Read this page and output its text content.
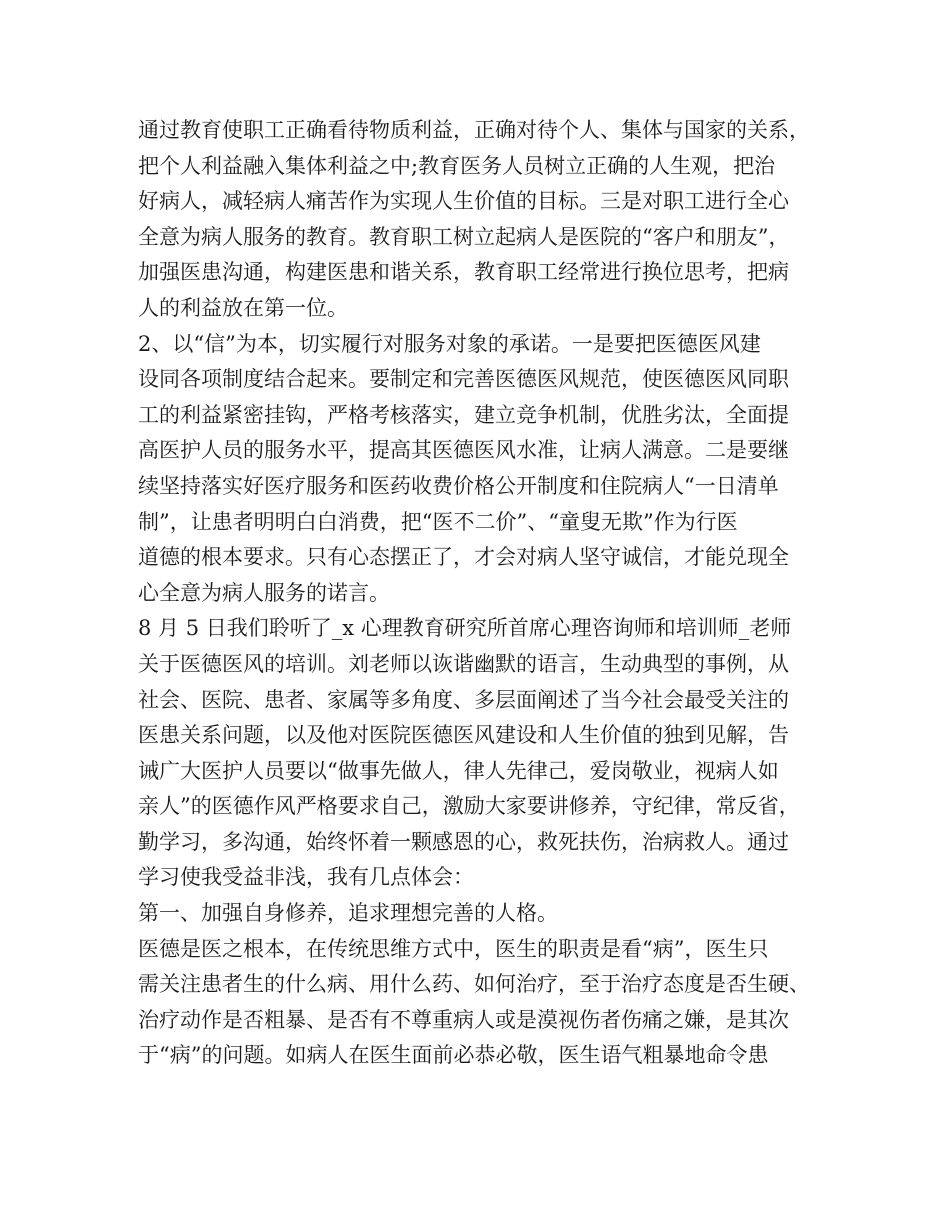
通过教育使职工正确看待物质利益，正确对待个人、集体与国家的关系，
把个人利益融入集体利益之中;教育医务人员树立正确的人生观，把治
好病人，减轻病人痛苦作为实现人生价值的目标。三是对职工进行全心
全意为病人服务的教育。教育职工树立起病人是医院的“客户和朋友”，
加强医患沟通，构建医患和谐关系，教育职工经常进行换位思考，把病
人的利益放在第一位。

2、以“信”为本，切实履行对服务对象的承诺。一是要把医德医风建
设同各项制度结合起来。要制定和完善医德医风规范，使医德医风同职
工的利益紧密挂钩，严格考核落实，建立竞争机制，优胜劣汰，全面提
高医护人员的服务水平，提高其医德医风水准，让病人满意。二是要继
续坚持落实好医疗服务和医药收费价格公开制度和住院病人“一日清单
制”，让患者明明白白消费，把“医不二价”、“童叟无欺”作为行医
道德的根本要求。只有心态摆正了，才会对病人坚守诚信，才能兑现全
心全意为病人服务的诺言。

8 月 5 日我们聆听了_x 心理教育研究所首席心理咨询师和培训师_老师
关于医德医风的培训。刘老师以诙谐幽默的语言，生动典型的事例，从
社会、医院、患者、家属等多角度、多层面阐述了当今社会最受关注的
医患关系问题，以及他对医院医德医风建设和人生价值的独到见解，告
诫广大医护人员要以“做事先做人，律人先律己，爱岗敬业，视病人如
亲人”的医德作风严格要求自己，激励大家要讲修养，守纪律，常反省，
勤学习，多沟通，始终怀着一颗感恩的心，救死扶伤，治病救人。通过
学习使我受益非浅，我有几点体会：

第一、加强自身修养，追求理想完善的人格。

医德是医之根本，在传统思维方式中，医生的职责是看“病”，医生只
需关注患者生的什么病、用什么药、如何治疗，至于治疗态度是否生硬、
治疗动作是否粗暴、是否有不尊重病人或是漠视伤者伤痛之嫌，是其次
于“病”的问题。如病人在医生面前必恭必敬，医生语气粗暴地命令患
